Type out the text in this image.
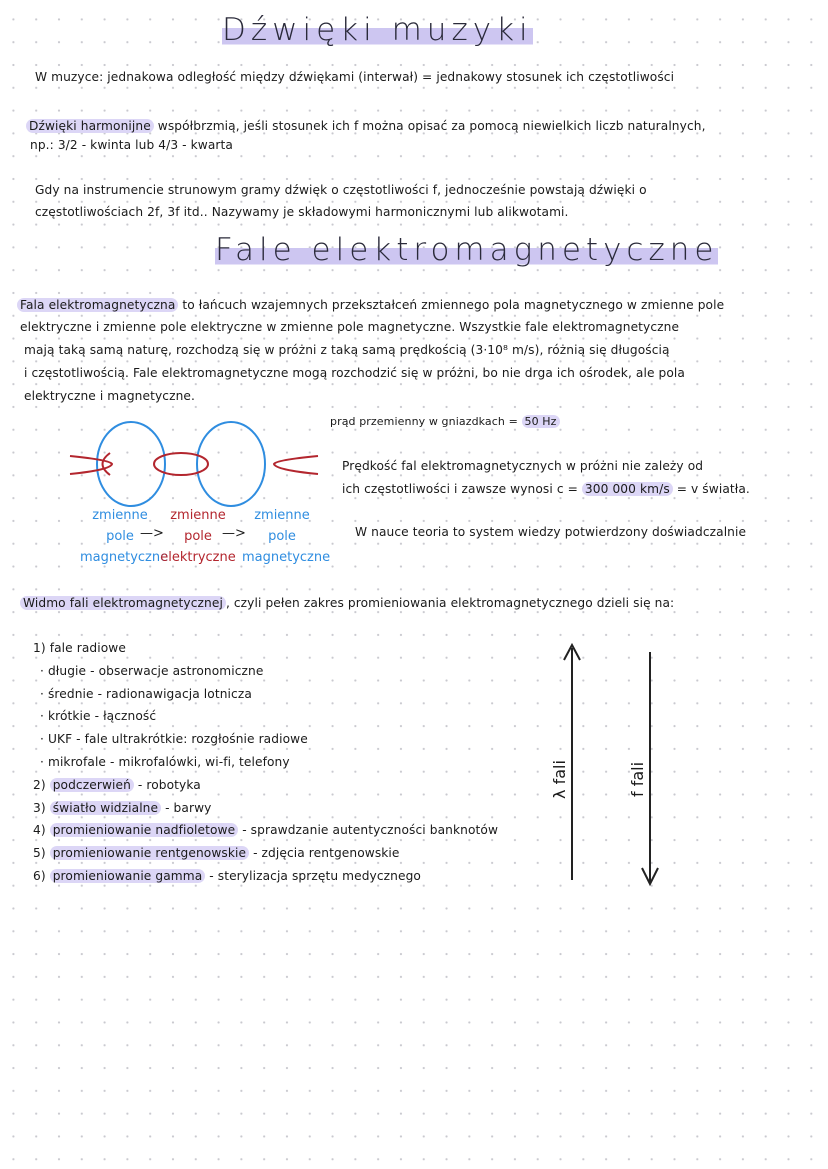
Dźwięki muzyki
W muzyce: jednakowa odległość między dźwiękami (interwał) = jednakowy stosunek ich częstotliwości
Dźwięki harmonijne współbrzmią, jeśli stosunek ich f można opisać za pomocą niewielkich liczb naturalnych,
np.: 3/2 - kwinta lub 4/3 - kwarta
Gdy na instrumencie strunowym gramy dźwięk o częstotliwości f, jednocześnie powstają dźwięki o
częstotliwościach 2f, 3f itd.. Nazywamy je składowymi harmonicznymi lub alikwotami.
Fale elektromagnetyczne
Fala elektromagnetyczna to łańcuch wzajemnych przekształceń zmiennego pola magnetycznego w zmienne pole
elektryczne i zmienne pole elektryczne w zmienne pole magnetyczne. Wszystkie fale elektromagnetyczne
mają taką samą naturę, rozchodzą się w próżni z taką samą prędkością (3·10⁸ m/s), różnią się długością
i częstotliwością. Fale elektromagnetyczne mogą rozchodzić się w próżni, bo nie drga ich ośrodek, ale pola
elektryczne i magnetyczne.
prąd przemienny w gniazdkach = 50 Hz
zmienne
pole
magnetyczne
—>
zmienne
pole
elektryczne
—>
zmienne
pole
magnetyczne
Prędkość fal elektromagnetycznych w próżni nie zależy od
ich częstotliwości i zawsze wynosi c = 300 000 km/s = v światła.
W nauce teoria to system wiedzy potwierdzony doświadczalnie
Widmo fali elektromagnetycznej , czyli pełen zakres promieniowania elektromagnetycznego dzieli się na:
1) fale radiowe
· długie - obserwacje astronomiczne
· średnie - radionawigacja lotnicza
· krótkie - łączność
· UKF - fale ultrakrótkie: rozgłośnie radiowe
· mikrofale - mikrofalówki, wi-fi, telefony
2) podczerwień - robotyka
3) światło widzialne - barwy
4) promieniowanie nadfioletowe - sprawdzanie autentyczności banknotów
5) promieniowanie rentgenowskie - zdjęcia rentgenowskie
6) promieniowanie gamma - sterylizacja sprzętu medycznego
λ fali	f fali
